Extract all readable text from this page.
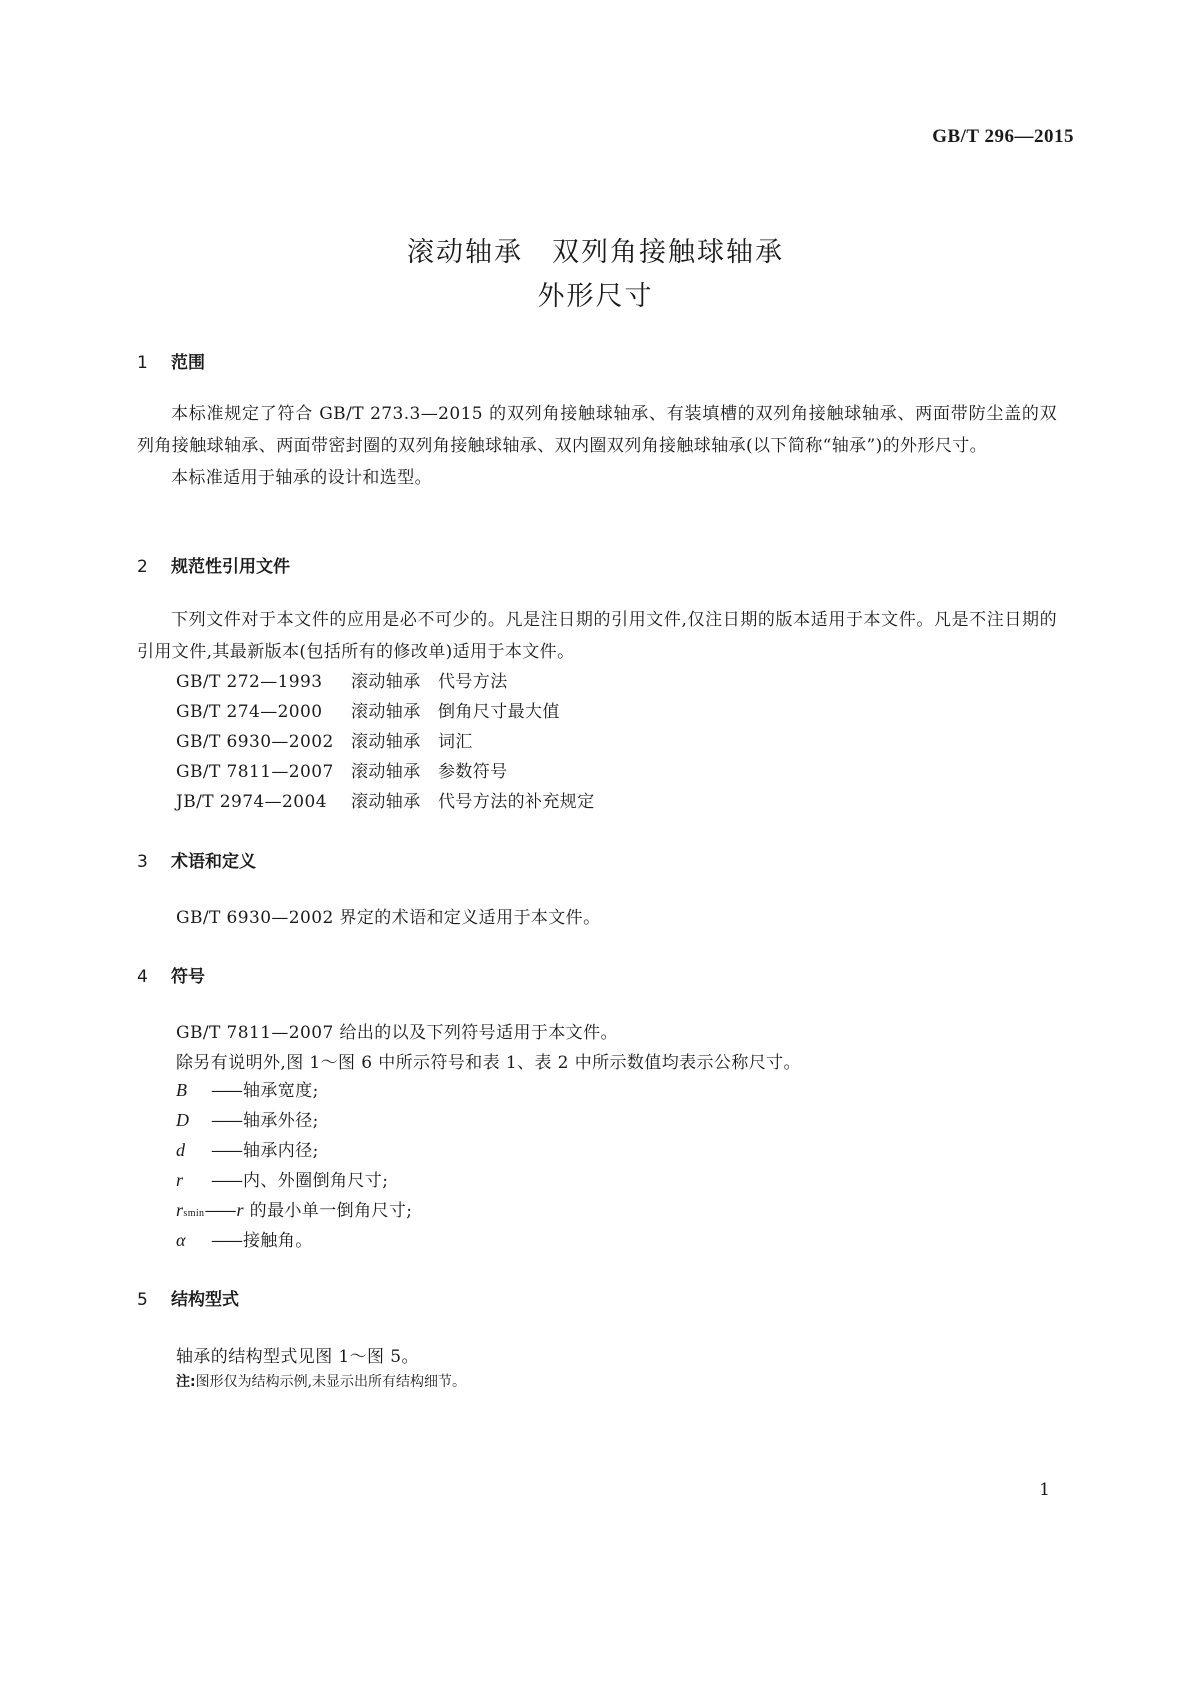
GB/T 296—2015
滚动轴承　双列角接触球轴承
外形尺寸
1 范围

本标准规定了符合 GB/T 273.3—2015 的双列角接触球轴承、有装填槽的双列角接触球轴承、两面带防尘盖的双列角接触球轴承、两面带密封圈的双列角接触球轴承、双内圈双列角接触球轴承(以下简称“轴承”)的外形尺寸。

本标准适用于轴承的设计和选型。

2 规范性引用文件

下列文件对于本文件的应用是必不可少的。凡是注日期的引用文件,仅注日期的版本适用于本文件。凡是不注日期的引用文件,其最新版本(包括所有的修改单)适用于本文件。

GB/T 272—1993 滚动轴承　代号方法
GB/T 274—2000 滚动轴承　倒角尺寸最大值
GB/T 6930—2002 滚动轴承　词汇
GB/T 7811—2007 滚动轴承　参数符号
JB/T 2974—2004 滚动轴承　代号方法的补充规定
3 术语和定义
GB/T 6930—2002 界定的术语和定义适用于本文件。
4 符号
GB/T 7811—2007 给出的以及下列符号适用于本文件。
除另有说明外,图 1～图 6 中所示符号和表 1、表 2 中所示数值均表示公称尺寸。
B —— 轴承宽度;
D —— 轴承外径;
d —— 轴承内径;
r —— 内、外圈倒角尺寸;
rsmin—— r 的最小单一倒角尺寸;
α —— 接触角。
5 结构型式
轴承的结构型式见图 1～图 5。
注:图形仅为结构示例,未显示出所有结构细节。
1
